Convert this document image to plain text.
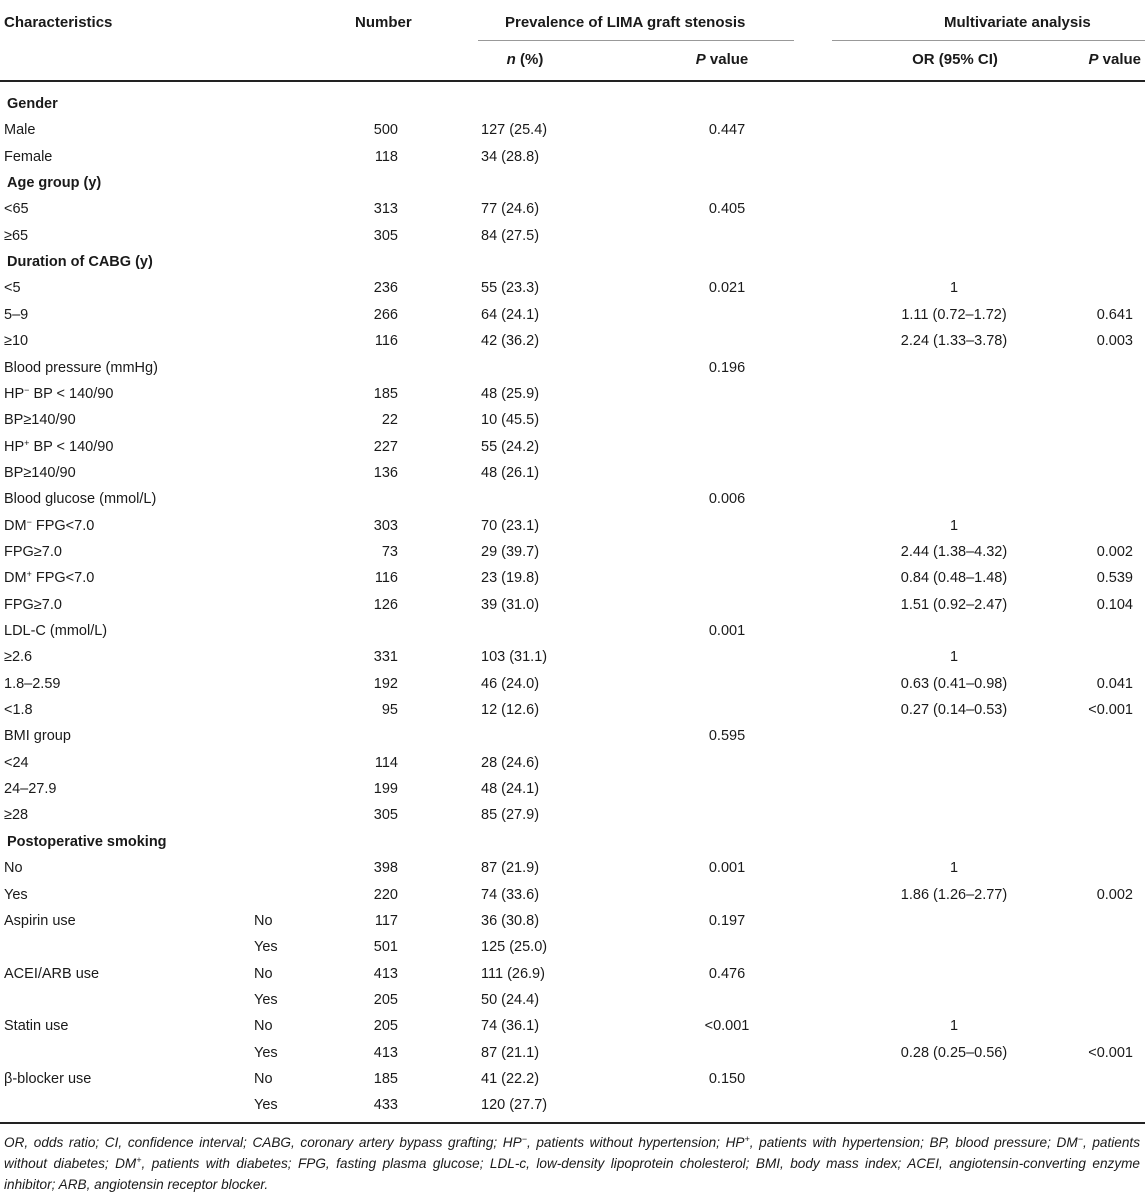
Characteristics	Number	Prevalence of LIMA graft stenosis	Multivariate analysis
n (%)	P value	OR (95% CI)	P value
Gender
Male	500	127 (25.4)	0.447
Female	118	34 (28.8)
Age group (y)
<65	313	77 (24.6)	0.405
≥65	305	84 (27.5)
Duration of CABG (y)
<5	236	55 (23.3)	0.021	1
5–9	266	64 (24.1)	1.11 (0.72–1.72)	0.641
≥10	116	42 (36.2)	2.24 (1.33–3.78)	0.003
Blood pressure (mmHg)	0.196
HP− BP < 140/90	185	48 (25.9)
BP≥140/90	22	10 (45.5)
HP+ BP < 140/90	227	55 (24.2)
BP≥140/90	136	48 (26.1)
Blood glucose (mmol/L)	0.006
DM− FPG<7.0	303	70 (23.1)	1
FPG≥7.0	73	29 (39.7)	2.44 (1.38–4.32)	0.002
DM+ FPG<7.0	116	23 (19.8)	0.84 (0.48–1.48)	0.539
FPG≥7.0	126	39 (31.0)	1.51 (0.92–2.47)	0.104
LDL-C (mmol/L)	0.001
≥2.6	331	103 (31.1)	1
1.8–2.59	192	46 (24.0)	0.63 (0.41–0.98)	0.041
<1.8	95	12 (12.6)	0.27 (0.14–0.53)	<0.001
BMI group	0.595
<24	114	28 (24.6)
24–27.9	199	48 (24.1)
≥28	305	85 (27.9)
Postoperative smoking
No	398	87 (21.9)	0.001	1
Yes	220	74 (33.6)	1.86 (1.26–2.77)	0.002
Aspirin use	No	117	36 (30.8)	0.197
Yes	501	125 (25.0)
ACEI/ARB use	No	413	111 (26.9)	0.476
Yes	205	50 (24.4)
Statin use	No	205	74 (36.1)	<0.001	1
Yes	413	87 (21.1)	0.28 (0.25–0.56)	<0.001
β-blocker use	No	185	41 (22.2)	0.150
Yes	433	120 (27.7)
OR, odds ratio; CI, confidence interval; CABG, coronary artery bypass grafting; HP−, patients without hypertension; HP+, patients with hypertension; BP, blood pressure; DM−, patients without diabetes; DM+, patients with diabetes; FPG, fasting plasma glucose; LDL-c, low-density lipoprotein cholesterol; BMI, body mass index; ACEI, angiotensin-converting enzyme inhibitor; ARB, angiotensin receptor blocker.
